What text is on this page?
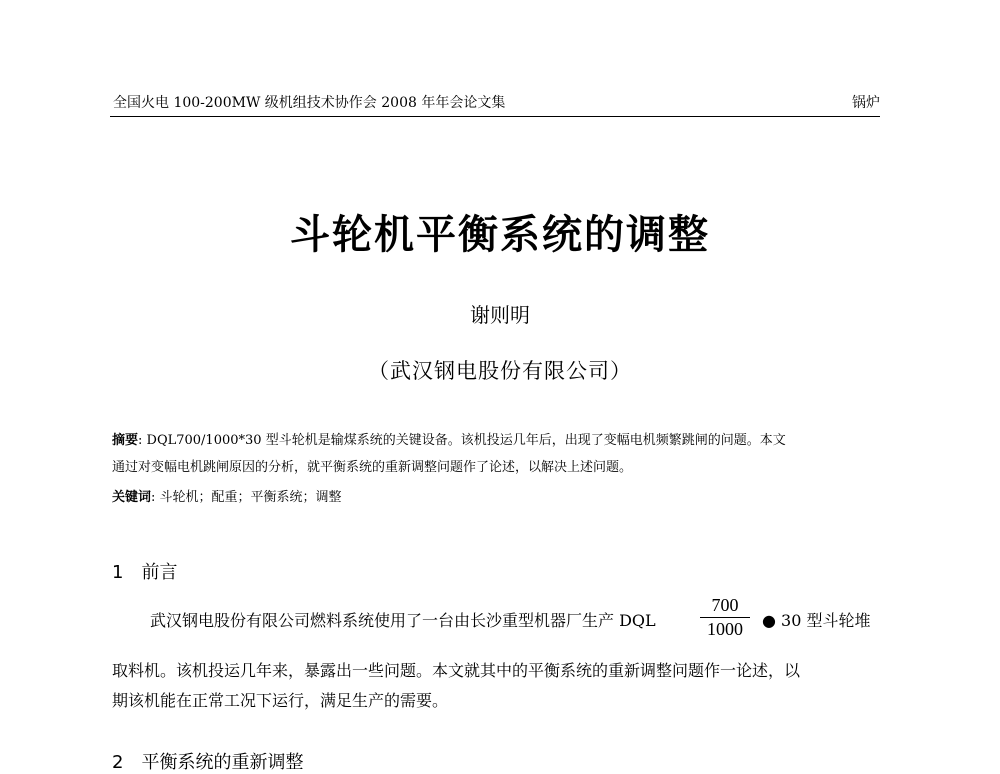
全国火电 100-200MW 级机组技术协作会 2008 年年会论文集	锅炉
斗轮机平衡系统的调整
谢则明
（武汉钢电股份有限公司）
摘要: DQL700/1000*30 型斗轮机是输煤系统的关键设备。该机投运几年后，出现了变幅电机频繁跳闸的问题。本文
通过对变幅电机跳闸原因的分析，就平衡系统的重新调整问题作了论述，以解决上述问题。
关键词: 斗轮机；配重；平衡系统；调整
1 前言
武汉钢电股份有限公司燃料系统使用了一台由长沙重型机器厂生产 DQL $\frac{700}{1000}$ ● 30 型斗轮堆
取料机。该机投运几年来，暴露出一些问题。本文就其中的平衡系统的重新调整问题作一论述，以
期该机能在正常工况下运行，满足生产的需要。
2　平衡系统的重新调整
